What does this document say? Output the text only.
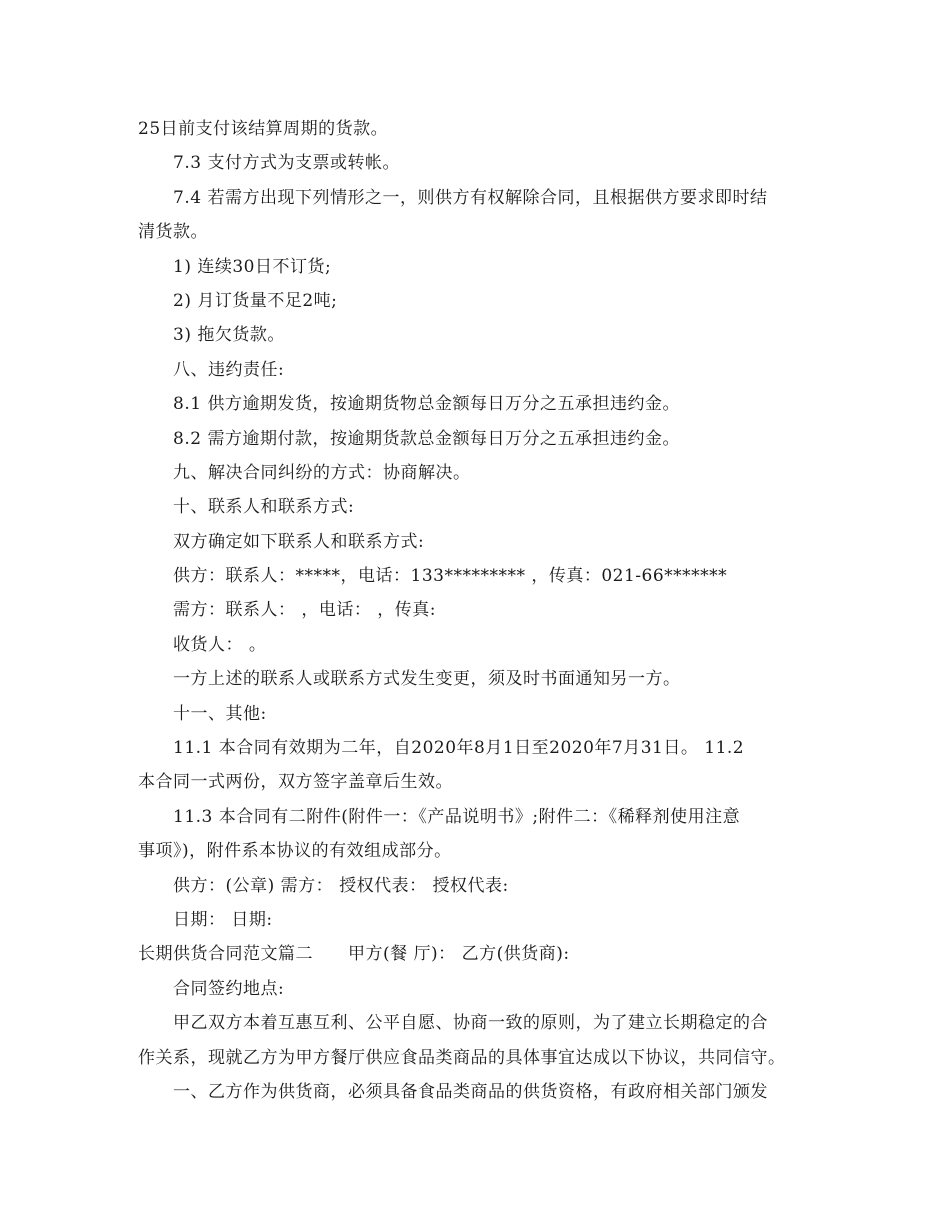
25日前支付该结算周期的货款。
7.3 支付方式为支票或转帐。
7.4 若需方出现下列情形之一，则供方有权解除合同，且根据供方要求即时结
清货款。
1) 连续30日不订货;
2) 月订货量不足2吨;
3) 拖欠货款。
八、违约责任:
8.1 供方逾期发货，按逾期货物总金额每日万分之五承担违约金。
8.2 需方逾期付款，按逾期货款总金额每日万分之五承担违约金。
九、解决合同纠纷的方式：协商解决。
十、联系人和联系方式:
双方确定如下联系人和联系方式:
供方：联系人：*****，电话：133********* ，传真：021-66*******
需方：联系人： ，电话： ，传真:
收货人： 。
一方上述的联系人或联系方式发生变更，须及时书面通知另一方。
十一、其他:
11.1 本合同有效期为二年，自2020年8月1日至2020年7月31日。 11.2
本合同一式两份，双方签字盖章后生效。
11.3 本合同有二附件(附件一：《产品说明书》;附件二：《稀释剂使用注意
事项》)，附件系本协议的有效组成部分。
供方：(公章) 需方： 授权代表： 授权代表:
日期： 日期:
长期供货合同范文篇二　　甲方(餐 厅)： 乙方(供货商):
合同签约地点:
甲乙双方本着互惠互利、公平自愿、协商一致的原则，为了建立长期稳定的合
作关系，现就乙方为甲方餐厅供应食品类商品的具体事宜达成以下协议，共同信守。
一、乙方作为供货商，必须具备食品类商品的供货资格，有政府相关部门颁发
